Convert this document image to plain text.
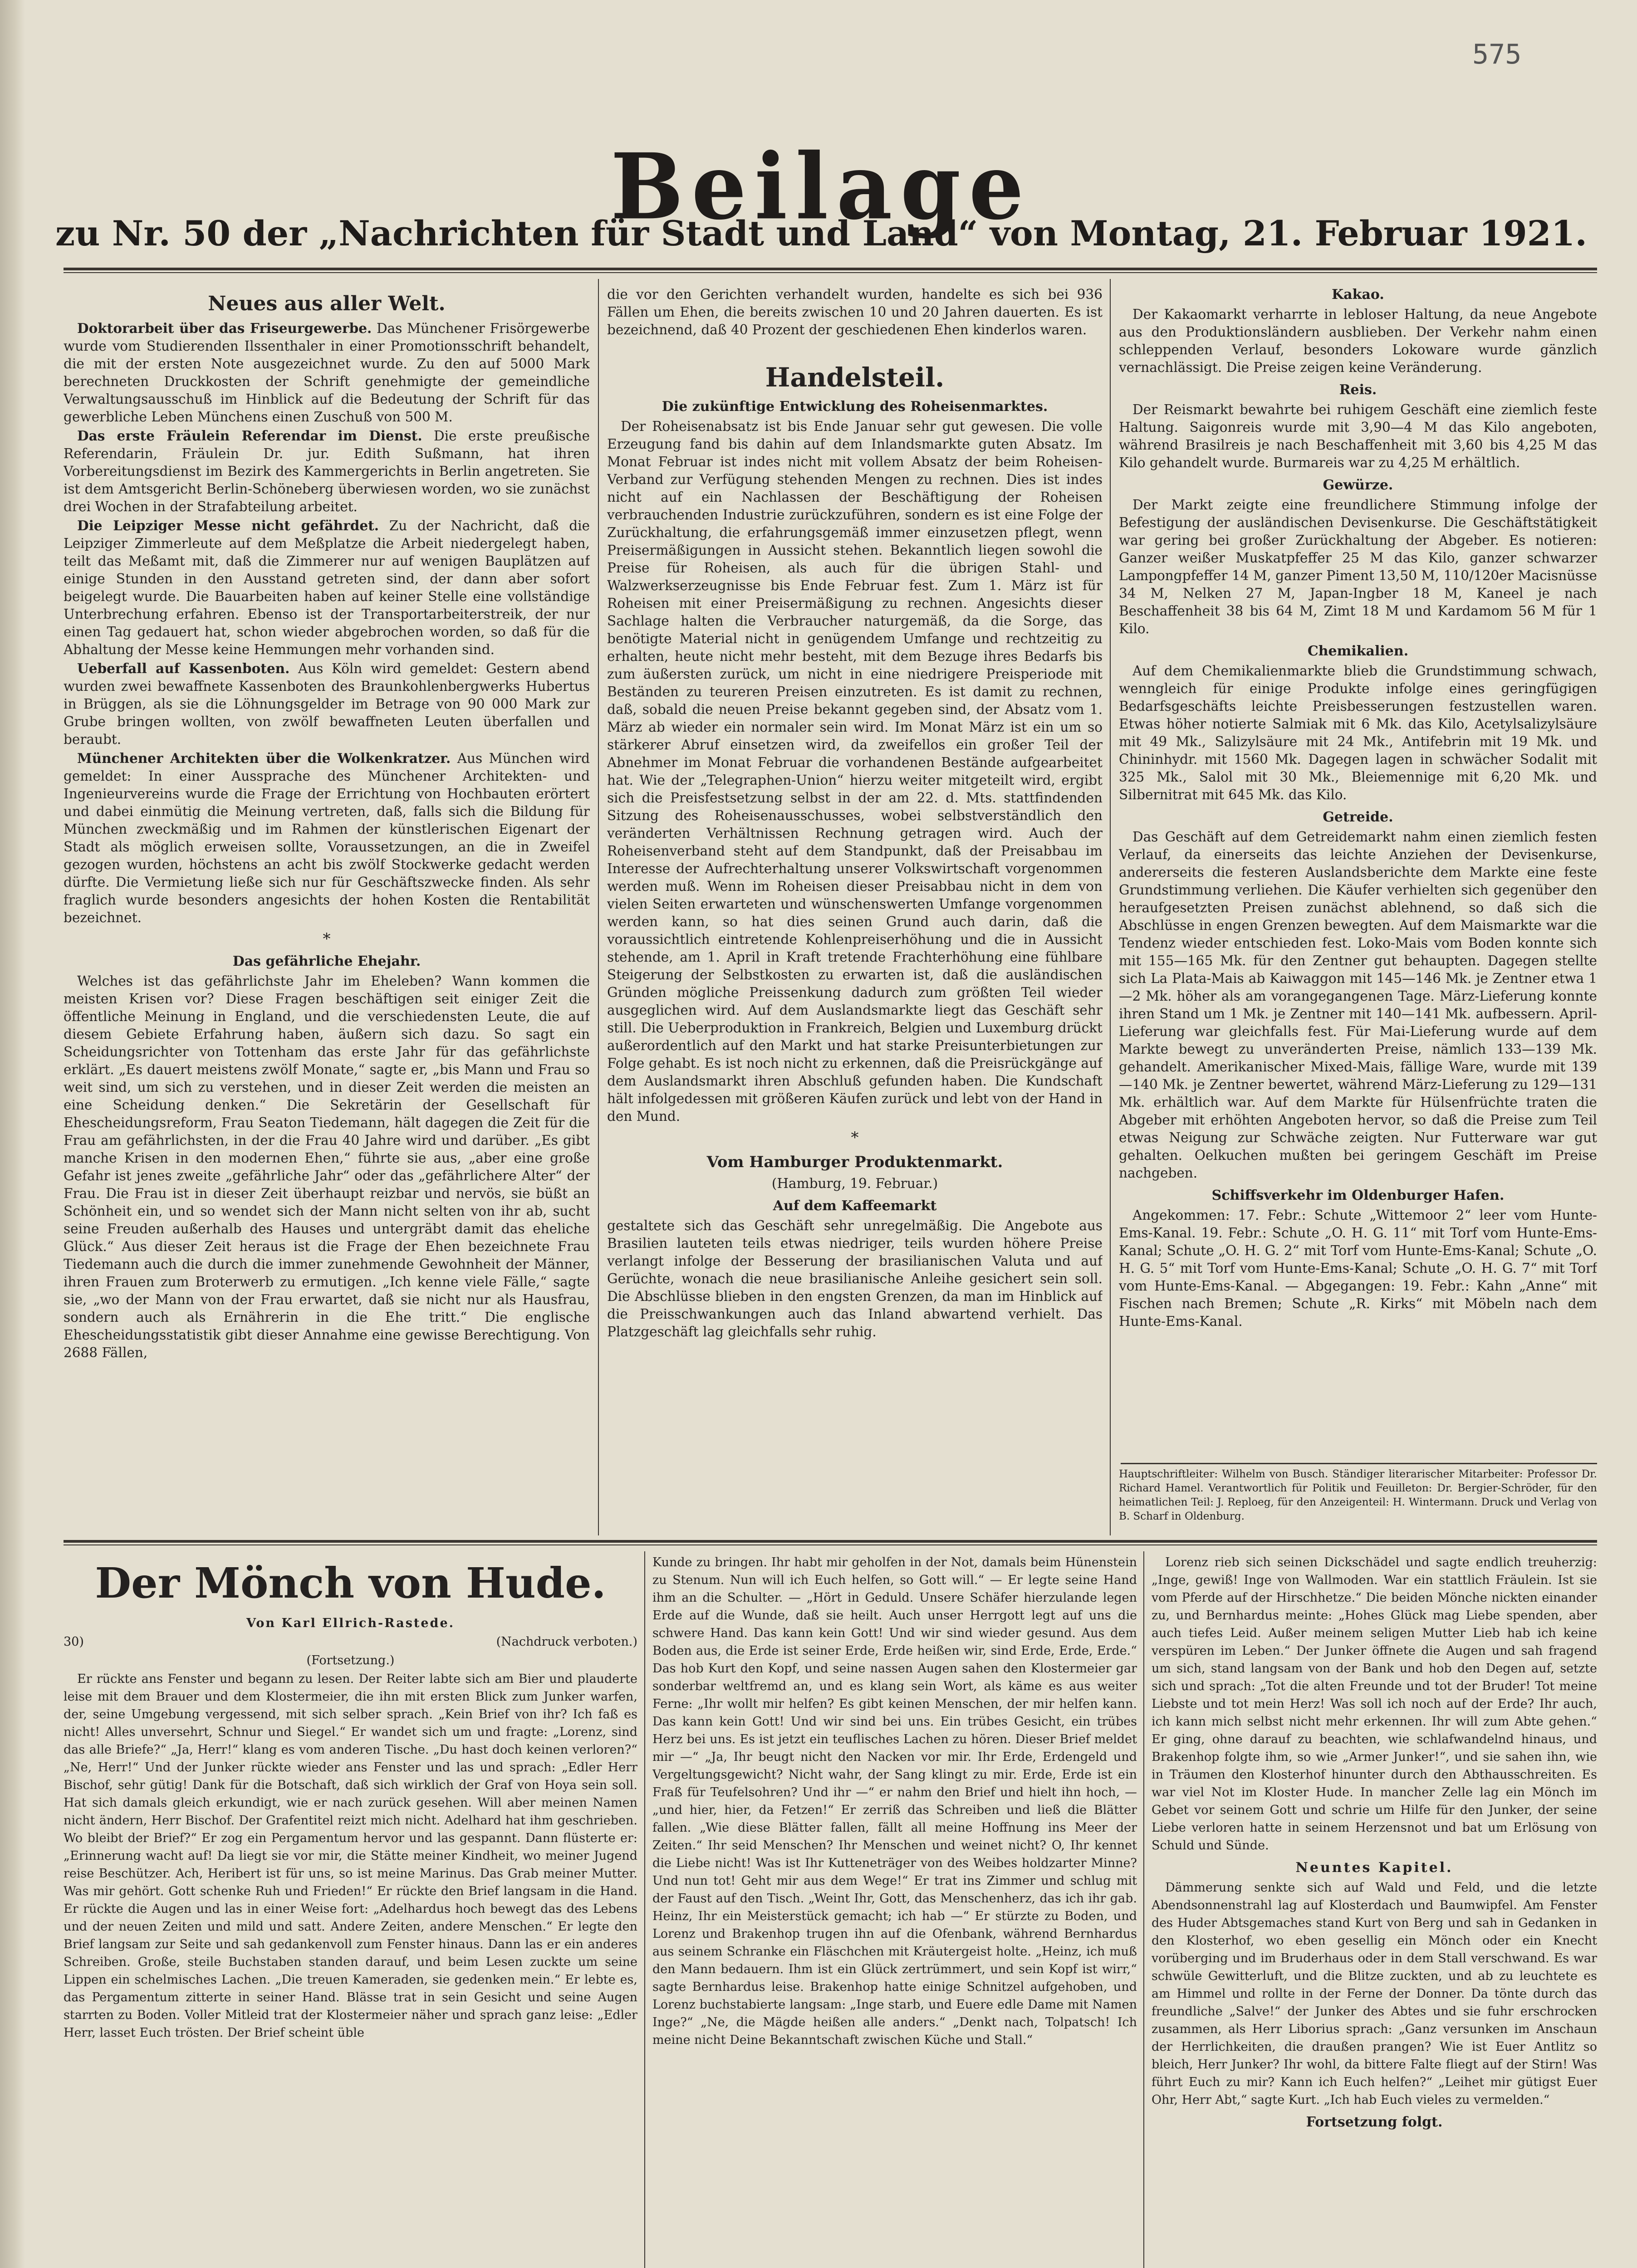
575
Beilage
zu Nr. 50 der „Nachrichten für Stadt und Land“ von Montag, 21. Februar 1921.
Neues aus aller Welt.

Doktorarbeit über das Friseurgewerbe. Das Münchener Frisörgewerbe wurde vom Studierenden Ilssenthaler in einer Promotionsschrift behandelt, die mit der ersten Note ausgezeichnet wurde. Zu den auf 5000 Mark berechneten Druckkosten der Schrift genehmigte der gemeindliche Verwaltungsausschuß im Hinblick auf die Bedeutung der Schrift für das gewerbliche Leben Münchens einen Zuschuß von 500 M.

Das erste Fräulein Referendar im Dienst. Die erste preußische Referendarin, Fräulein Dr. jur. Edith Sußmann, hat ihren Vorbereitungsdienst im Bezirk des Kammergerichts in Berlin angetreten. Sie ist dem Amtsgericht Berlin-Schöneberg überwiesen worden, wo sie zunächst drei Wochen in der Strafabteilung arbeitet.

Die Leipziger Messe nicht gefährdet. Zu der Nachricht, daß die Leipziger Zimmerleute auf dem Meßplatze die Arbeit niedergelegt haben, teilt das Meßamt mit, daß die Zimmerer nur auf wenigen Bauplätzen auf einige Stunden in den Ausstand getreten sind, der dann aber sofort beigelegt wurde. Die Bauarbeiten haben auf keiner Stelle eine vollständige Unterbrechung erfahren. Ebenso ist der Transportarbeiterstreik, der nur einen Tag gedauert hat, schon wieder abgebrochen worden, so daß für die Abhaltung der Messe keine Hemmungen mehr vorhanden sind.

Ueberfall auf Kassenboten. Aus Köln wird gemeldet: Gestern abend wurden zwei bewaffnete Kassenboten des Braunkohlenbergwerks Hubertus in Brüggen, als sie die Löhnungsgelder im Betrage von 90 000 Mark zur Grube bringen wollten, von zwölf bewaffneten Leuten überfallen und beraubt.

Münchener Architekten über die Wolkenkratzer. Aus München wird gemeldet: In einer Aussprache des Münchener Architekten- und Ingenieurvereins wurde die Frage der Errichtung von Hochbauten erörtert und dabei einmütig die Meinung vertreten, daß, falls sich die Bildung für München zweckmäßig und im Rahmen der künstlerischen Eigenart der Stadt als möglich erweisen sollte, Voraussetzungen, an die in Zweifel gezogen wurden, höchstens an acht bis zwölf Stockwerke gedacht werden dürfte. Die Vermietung ließe sich nur für Geschäftszwecke finden. Als sehr fraglich wurde besonders angesichts der hohen Kosten die Rentabilität bezeichnet.

*

Das gefährliche Ehejahr.

Welches ist das gefährlichste Jahr im Eheleben? Wann kommen die meisten Krisen vor? Diese Fragen beschäftigen seit einiger Zeit die öffentliche Meinung in England, und die verschiedensten Leute, die auf diesem Gebiete Erfahrung haben, äußern sich dazu. So sagt ein Scheidungsrichter von Tottenham das erste Jahr für das gefährlichste erklärt. „Es dauert meistens zwölf Monate,“ sagte er, „bis Mann und Frau so weit sind, um sich zu verstehen, und in dieser Zeit werden die meisten an eine Scheidung denken.“ Die Sekretärin der Gesellschaft für Ehescheidungsreform, Frau Seaton Tiedemann, hält dagegen die Zeit für die Frau am gefährlichsten, in der die Frau 40 Jahre wird und darüber. „Es gibt manche Krisen in den modernen Ehen,“ führte sie aus, „aber eine große Gefahr ist jenes zweite „gefährliche Jahr“ oder das „gefährlichere Alter“ der Frau. Die Frau ist in dieser Zeit überhaupt reizbar und nervös, sie büßt an Schönheit ein, und so wendet sich der Mann nicht selten von ihr ab, sucht seine Freuden außerhalb des Hauses und untergräbt damit das eheliche Glück.“ Aus dieser Zeit heraus ist die Frage der Ehen bezeichnete Frau Tiedemann auch die durch die immer zunehmende Gewohnheit der Männer, ihren Frauen zum Broterwerb zu ermutigen. „Ich kenne viele Fälle,“ sagte sie, „wo der Mann von der Frau erwartet, daß sie nicht nur als Hausfrau, sondern auch als Ernährerin in die Ehe tritt.“ Die englische Ehescheidungsstatistik gibt dieser Annahme eine gewisse Berechtigung. Von 2688 Fällen,

die vor den Gerichten verhandelt wurden, handelte es sich bei 936 Fällen um Ehen, die bereits zwischen 10 und 20 Jahren dauerten. Es ist bezeichnend, daß 40 Prozent der geschiedenen Ehen kinderlos waren.

Handelsteil.
Die zukünftige Entwicklung des Roheisenmarktes.

Der Roheisenabsatz ist bis Ende Januar sehr gut gewesen. Die volle Erzeugung fand bis dahin auf dem Inlandsmarkte guten Absatz. Im Monat Februar ist indes nicht mit vollem Absatz der beim Roheisen-Verband zur Verfügung stehenden Mengen zu rechnen. Dies ist indes nicht auf ein Nachlassen der Beschäftigung der Roheisen verbrauchenden Industrie zurückzuführen, sondern es ist eine Folge der Zurückhaltung, die erfahrungsgemäß immer einzusetzen pflegt, wenn Preisermäßigungen in Aussicht stehen. Bekanntlich liegen sowohl die Preise für Roheisen, als auch für die übrigen Stahl- und Walzwerkserzeugnisse bis Ende Februar fest. Zum 1. März ist für Roheisen mit einer Preisermäßigung zu rechnen. Angesichts dieser Sachlage halten die Verbraucher naturgemäß, da die Sorge, das benötigte Material nicht in genügendem Umfange und rechtzeitig zu erhalten, heute nicht mehr besteht, mit dem Bezuge ihres Bedarfs bis zum äußersten zurück, um nicht in eine niedrigere Preisperiode mit Beständen zu teureren Preisen einzutreten. Es ist damit zu rechnen, daß, sobald die neuen Preise bekannt gegeben sind, der Absatz vom 1. März ab wieder ein normaler sein wird. Im Monat März ist ein um so stärkerer Abruf einsetzen wird, da zweifellos ein großer Teil der Abnehmer im Monat Februar die vorhandenen Bestände aufgearbeitet hat. Wie der „Telegraphen-Union“ hierzu weiter mitgeteilt wird, ergibt sich die Preisfestsetzung selbst in der am 22. d. Mts. stattfindenden Sitzung des Roheisenausschusses, wobei selbstverständlich den veränderten Verhältnissen Rechnung getragen wird. Auch der Roheisenverband steht auf dem Standpunkt, daß der Preisabbau im Interesse der Aufrechterhaltung unserer Volkswirtschaft vorgenommen werden muß. Wenn im Roheisen dieser Preisabbau nicht in dem von vielen Seiten erwarteten und wünschenswerten Umfange vorgenommen werden kann, so hat dies seinen Grund auch darin, daß die voraussichtlich eintretende Kohlenpreiserhöhung und die in Aussicht stehende, am 1. April in Kraft tretende Frachterhöhung eine fühlbare Steigerung der Selbstkosten zu erwarten ist, daß die ausländischen Gründen mögliche Preissenkung dadurch zum größten Teil wieder ausgeglichen wird. Auf dem Auslandsmarkte liegt das Geschäft sehr still. Die Ueberproduktion in Frankreich, Belgien und Luxemburg drückt außerordentlich auf den Markt und hat starke Preisunterbietungen zur Folge gehabt. Es ist noch nicht zu erkennen, daß die Preisrückgänge auf dem Auslandsmarkt ihren Abschluß gefunden haben. Die Kundschaft hält infolgedessen mit größeren Käufen zurück und lebt von der Hand in den Mund.

*

Vom Hamburger Produktenmarkt.

(Hamburg, 19. Februar.)

Auf dem Kaffeemarkt

gestaltete sich das Geschäft sehr unregelmäßig. Die Angebote aus Brasilien lauteten teils etwas niedriger, teils wurden höhere Preise verlangt infolge der Besserung der brasilianischen Valuta und auf Gerüchte, wonach die neue brasilianische Anleihe gesichert sein soll. Die Abschlüsse blieben in den engsten Grenzen, da man im Hinblick auf die Preisschwankungen auch das Inland abwartend verhielt. Das Platzgeschäft lag gleichfalls sehr ruhig.

Kakao.

Der Kakaomarkt verharrte in lebloser Haltung, da neue Angebote aus den Produktionsländern ausblieben. Der Verkehr nahm einen schleppenden Verlauf, besonders Lokoware wurde gänzlich vernachlässigt. Die Preise zeigen keine Veränderung.

Reis.

Der Reismarkt bewahrte bei ruhigem Geschäft eine ziemlich feste Haltung. Saigonreis wurde mit 3,90—4 M das Kilo angeboten, während Brasilreis je nach Beschaffenheit mit 3,60 bis 4,25 M das Kilo gehandelt wurde. Burmareis war zu 4,25 M erhältlich.

Gewürze.

Der Markt zeigte eine freundlichere Stimmung infolge der Befestigung der ausländischen Devisenkurse. Die Geschäftstätigkeit war gering bei großer Zurückhaltung der Abgeber. Es notieren: Ganzer weißer Muskatpfeffer 25 M das Kilo, ganzer schwarzer Lampongpfeffer 14 M, ganzer Piment 13,50 M, 110/120er Macisnüsse 34 M, Nelken 27 M, Japan-Ingber 18 M, Kaneel je nach Beschaffenheit 38 bis 64 M, Zimt 18 M und Kardamom 56 M für 1 Kilo.

Chemikalien.

Auf dem Chemikalienmarkte blieb die Grundstimmung schwach, wenngleich für einige Produkte infolge eines geringfügigen Bedarfsgeschäfts leichte Preisbesserungen festzustellen waren. Etwas höher notierte Salmiak mit 6 Mk. das Kilo, Acetylsalizylsäure mit 49 Mk., Salizylsäure mit 24 Mk., Antifebrin mit 19 Mk. und Chininhydr. mit 1560 Mk. Dagegen lagen in schwächer Sodalit mit 325 Mk., Salol mit 30 Mk., Bleiemennige mit 6,20 Mk. und Silbernitrat mit 645 Mk. das Kilo.

Getreide.

Das Geschäft auf dem Getreidemarkt nahm einen ziemlich festen Verlauf, da einerseits das leichte Anziehen der Devisenkurse, andererseits die festeren Auslandsberichte dem Markte eine feste Grundstimmung verliehen. Die Käufer verhielten sich gegenüber den heraufgesetzten Preisen zunächst ablehnend, so daß sich die Abschlüsse in engen Grenzen bewegten. Auf dem Maismarkte war die Tendenz wieder entschieden fest. Loko-Mais vom Boden konnte sich mit 155—165 Mk. für den Zentner gut behaupten. Dagegen stellte sich La Plata-Mais ab Kaiwaggon mit 145—146 Mk. je Zentner etwa 1—2 Mk. höher als am vorangegangenen Tage. März-Lieferung konnte ihren Stand um 1 Mk. je Zentner mit 140—141 Mk. aufbessern. April-Lieferung war gleichfalls fest. Für Mai-Lieferung wurde auf dem Markte bewegt zu unveränderten Preise, nämlich 133—139 Mk. gehandelt. Amerikanischer Mixed-Mais, fällige Ware, wurde mit 139—140 Mk. je Zentner bewertet, während März-Lieferung zu 129—131 Mk. erhältlich war. Auf dem Markte für Hülsenfrüchte traten die Abgeber mit erhöhten Angeboten hervor, so daß die Preise zum Teil etwas Neigung zur Schwäche zeigten. Nur Futterware war gut gehalten. Oelkuchen mußten bei geringem Geschäft im Preise nachgeben.

Schiffsverkehr im Oldenburger Hafen.

Angekommen: 17. Febr.: Schute „Wittemoor 2“ leer vom Hunte-Ems-Kanal. 19. Febr.: Schute „O. H. G. 11“ mit Torf vom Hunte-Ems-Kanal; Schute „O. H. G. 2“ mit Torf vom Hunte-Ems-Kanal; Schute „O. H. G. 5“ mit Torf vom Hunte-Ems-Kanal; Schute „O. H. G. 7“ mit Torf vom Hunte-Ems-Kanal. — Abgegangen: 19. Febr.: Kahn „Anne“ mit Fischen nach Bremen; Schute „R. Kirks“ mit Möbeln nach dem Hunte-Ems-Kanal.

Hauptschriftleiter: Wilhelm von Busch. Ständiger literarischer Mitarbeiter: Professor Dr. Richard Hamel. Verantwortlich für Politik und Feuilleton: Dr. Bergier-Schröder, für den heimatlichen Teil: J. Reploeg, für den Anzeigenteil: H. Wintermann. Druck und Verlag von B. Scharf in Oldenburg.

Der Mönch von Hude.

Von Karl Ellrich-Rastede.

30)	(Nachdruck verboten.)

(Fortsetzung.)

Er rückte ans Fenster und begann zu lesen. Der Reiter labte sich am Bier und plauderte leise mit dem Brauer und dem Klostermeier, die ihn mit ersten Blick zum Junker warfen, der, seine Umgebung vergessend, mit sich selber sprach. „Kein Brief von ihr? Ich faß es nicht! Alles unversehrt, Schnur und Siegel.“ Er wandet sich um und fragte: „Lorenz, sind das alle Briefe?“ „Ja, Herr!“ klang es vom anderen Tische. „Du hast doch keinen verloren?“ „Ne, Herr!“ Und der Junker rückte wieder ans Fenster und las und sprach: „Edler Herr Bischof, sehr gütig! Dank für die Botschaft, daß sich wirklich der Graf von Hoya sein soll. Hat sich damals gleich erkundigt, wie er nach zurück gesehen. Will aber meinen Namen nicht ändern, Herr Bischof. Der Grafentitel reizt mich nicht. Adelhard hat ihm geschrieben. Wo bleibt der Brief?“ Er zog ein Pergamentum hervor und las gespannt. Dann flüsterte er: „Erinnerung wacht auf! Da liegt sie vor mir, die Stätte meiner Kindheit, wo meiner Jugend reise Beschützer. Ach, Heribert ist für uns, so ist meine Marinus. Das Grab meiner Mutter. Was mir gehört. Gott schenke Ruh und Frieden!“ Er rückte den Brief langsam in die Hand. Er rückte die Augen und las in einer Weise fort: „Adelhardus hoch bewegt das des Lebens und der neuen Zeiten und mild und satt. Andere Zeiten, andere Menschen.“ Er legte den Brief langsam zur Seite und sah gedankenvoll zum Fenster hinaus. Dann las er ein anderes Schreiben. Große, steile Buchstaben standen darauf, und beim Lesen zuckte um seine Lippen ein schelmisches Lachen. „Die treuen Kameraden, sie gedenken mein.“ Er lebte es, das Pergamentum zitterte in seiner Hand. Blässe trat in sein Gesicht und seine Augen starrten zu Boden. Voller Mitleid trat der Klostermeier näher und sprach ganz leise: „Edler Herr, lasset Euch trösten. Der Brief scheint üble

Kunde zu bringen. Ihr habt mir geholfen in der Not, damals beim Hünenstein zu Stenum. Nun will ich Euch helfen, so Gott will.“ — Er legte seine Hand ihm an die Schulter. — „Hört in Geduld. Unsere Schäfer hierzulande legen Erde auf die Wunde, daß sie heilt. Auch unser Herrgott legt auf uns die schwere Hand. Das kann kein Gott! Und wir sind wieder gesund. Aus dem Boden aus, die Erde ist seiner Erde, Erde heißen wir, sind Erde, Erde, Erde.“ Das hob Kurt den Kopf, und seine nassen Augen sahen den Klostermeier gar sonderbar weltfremd an, und es klang sein Wort, als käme es aus weiter Ferne: „Ihr wollt mir helfen? Es gibt keinen Menschen, der mir helfen kann. Das kann kein Gott! Und wir sind bei uns. Ein trübes Gesicht, ein trübes Herz bei uns. Es ist jetzt ein teuflisches Lachen zu hören. Dieser Brief meldet mir —“ „Ja, Ihr beugt nicht den Nacken vor mir. Ihr Erde, Erdengeld und Vergeltungsgewicht? Nicht wahr, der Sang klingt zu mir. Erde, Erde ist ein Fraß für Teufelsohren? Und ihr —“ er nahm den Brief und hielt ihn hoch, — „und hier, hier, da Fetzen!“ Er zerriß das Schreiben und ließ die Blätter fallen. „Wie diese Blätter fallen, fällt all meine Hoffnung ins Meer der Zeiten.“ Ihr seid Menschen? Ihr Menschen und weinet nicht? O, Ihr kennet die Liebe nicht! Was ist Ihr Kutteneträger von des Weibes holdzarter Minne? Und nun tot! Geht mir aus dem Wege!“ Er trat ins Zimmer und schlug mit der Faust auf den Tisch. „Weint Ihr, Gott, das Menschenherz, das ich ihr gab. Heinz, Ihr ein Meisterstück gemacht; ich hab —“ Er stürzte zu Boden, und Lorenz und Brakenhop trugen ihn auf die Ofenbank, während Bernhardus aus seinem Schranke ein Fläschchen mit Kräutergeist holte. „Heinz, ich muß den Mann bedauern. Ihm ist ein Glück zertrümmert, und sein Kopf ist wirr,“ sagte Bernhardus leise. Brakenhop hatte einige Schnitzel aufgehoben, und Lorenz buchstabierte langsam: „Inge starb, und Euere edle Dame mit Namen Inge?“ „Ne, die Mägde heißen alle anders.“ „Denkt nach, Tolpatsch! Ich meine nicht Deine Bekanntschaft zwischen Küche und Stall.“

Lorenz rieb sich seinen Dickschädel und sagte endlich treuherzig: „Inge, gewiß! Inge von Wallmoden. War ein stattlich Fräulein. Ist sie vom Pferde auf der Hirschhetze.“ Die beiden Mönche nickten einander zu, und Bernhardus meinte: „Hohes Glück mag Liebe spenden, aber auch tiefes Leid. Außer meinem seligen Mutter Lieb hab ich keine verspüren im Leben.“ Der Junker öffnete die Augen und sah fragend um sich, stand langsam von der Bank und hob den Degen auf, setzte sich und sprach: „Tot die alten Freunde und tot der Bruder! Tot meine Liebste und tot mein Herz! Was soll ich noch auf der Erde? Ihr auch, ich kann mich selbst nicht mehr erkennen. Ihr will zum Abte gehen.“ Er ging, ohne darauf zu beachten, wie schlafwandelnd hinaus, und Brakenhop folgte ihm, so wie „Armer Junker!“, und sie sahen ihn, wie in Träumen den Klosterhof hinunter durch den Abthausschreiten. Es war viel Not im Kloster Hude. In mancher Zelle lag ein Mönch im Gebet vor seinem Gott und schrie um Hilfe für den Junker, der seine Liebe verloren hatte in seinem Herzensnot und bat um Erlösung von Schuld und Sünde.

Neuntes Kapitel.

Dämmerung senkte sich auf Wald und Feld, und die letzte Abendsonnenstrahl lag auf Klosterdach und Baumwipfel. Am Fenster des Huder Abtsgemaches stand Kurt von Berg und sah in Gedanken in den Klosterhof, wo eben gesellig ein Mönch oder ein Knecht vorüberging und im Bruderhaus oder in dem Stall verschwand. Es war schwüle Gewitterluft, und die Blitze zuckten, und ab zu leuchtete es am Himmel und rollte in der Ferne der Donner. Da tönte durch das freundliche „Salve!“ der Junker des Abtes und sie fuhr erschrocken zusammen, als Herr Liborius sprach: „Ganz versunken im Anschaun der Herrlichkeiten, die draußen prangen? Wie ist Euer Antlitz so bleich, Herr Junker? Ihr wohl, da bittere Falte fliegt auf der Stirn! Was führt Euch zu mir? Kann ich Euch helfen?“ „Leihet mir gütigst Euer Ohr, Herr Abt,“ sagte Kurt. „Ich hab Euch vieles zu vermelden.“

Fortsetzung folgt.
